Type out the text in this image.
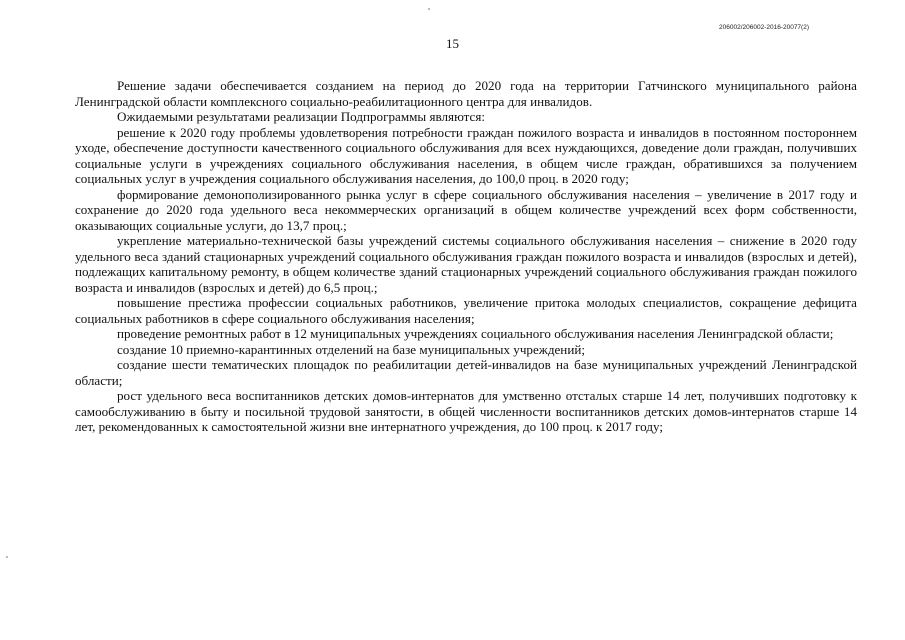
206002/206002-2016-20077(2)
15

Решение задачи обеспечивается созданием на период до 2020 года на территории Гатчинского муниципального района Ленинградской области комплексного социально-реабилитационного центра для инвалидов.

Ожидаемыми результатами реализации Подпрограммы являются:

решение к 2020 году проблемы удовлетворения потребности граждан пожилого возраста и инвалидов в постоянном постороннем уходе, обеспечение доступности качественного социального обслуживания для всех нуждающихся, доведение доли граждан, получивших социальные услуги в учреждениях социального обслуживания населения, в общем числе граждан, обратившихся за получением социальных услуг в учреждения социального обслуживания населения, до 100,0 проц. в 2020 году;

формирование демонополизированного рынка услуг в сфере социального обслуживания населения – увеличение в 2017 году и сохранение до 2020 года удельного веса некоммерческих организаций в общем количестве учреждений всех форм собственности, оказывающих социальные услуги, до 13,7 проц.;

укрепление материально-технической базы учреждений системы социального обслуживания населения – снижение в 2020 году удельного веса зданий стационарных учреждений социального обслуживания граждан пожилого возраста и инвалидов (взрослых и детей), подлежащих капитальному ремонту, в общем количестве зданий стационарных учреждений социального обслуживания граждан пожилого возраста и инвалидов (взрослых и детей) до 6,5 проц.;

повышение престижа профессии социальных работников, увеличение притока молодых специалистов, сокращение дефицита социальных работников в сфере социального обслуживания населения;

проведение ремонтных работ в 12 муниципальных учреждениях социального обслуживания населения Ленинградской области;

создание 10 приемно-карантинных отделений на базе муниципальных учреждений;

создание шести тематических площадок по реабилитации детей-инвалидов на базе муниципальных учреждений Ленинградской области;

рост удельного веса воспитанников детских домов-интернатов для умственно отсталых старше 14 лет, получивших подготовку к самообслуживанию в быту и посильной трудовой занятости, в общей численности воспитанников детских домов-интернатов старше 14 лет, рекомендованных к самостоятельной жизни вне интернатного учреждения, до 100 проц. к 2017 году;
